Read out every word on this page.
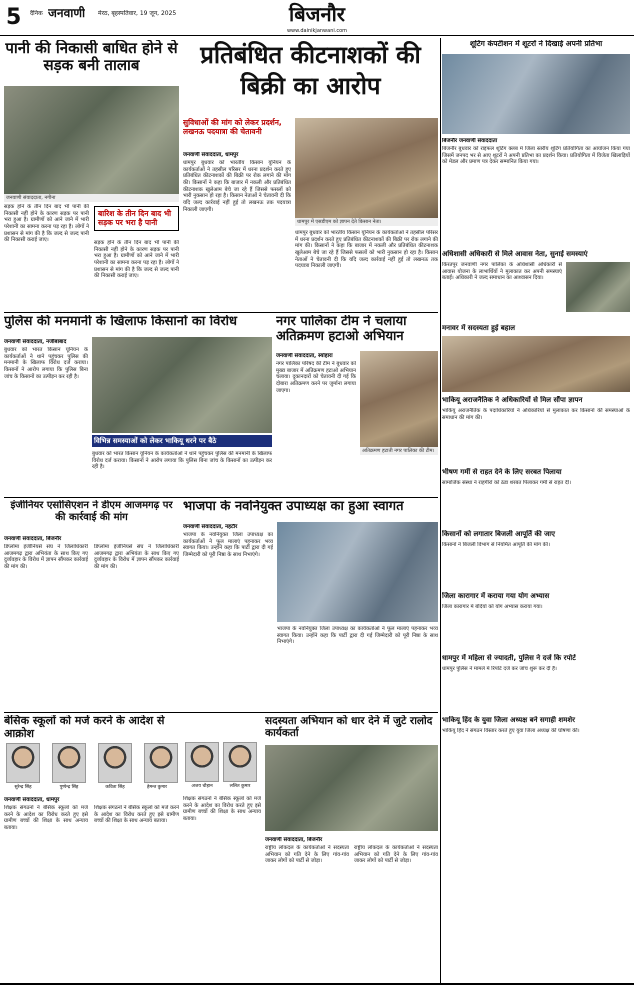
5 दैनिक जनवाणी मेरठ, बृहस्पतिवार, 19 जून, 2025	बिजनौर
www.dainikjanwani.com
पानी की निकासी बाधित होने से सड़क बनी तालाब
जनवाणी संवाददाता, नगीना
सड़क होने के तीन दिन बाद भी पानी की निकासी नहीं होने के कारण सड़क पर पानी भरा हुआ है। ग्रामीणों को आने जाने में भारी परेशानी का सामना करना पड़ रहा है। लोगों ने प्रशासन से मांग की है कि जल्द से जल्द पानी की निकासी कराई जाए।
बारिश के तीन दिन बाद भी सड़क पर भरा है पानी
सड़क होने के तीन दिन बाद भी पानी की निकासी नहीं होने के कारण सड़क पर पानी भरा हुआ है। ग्रामीणों को आने जाने में भारी परेशानी का सामना करना पड़ रहा है। लोगों ने प्रशासन से मांग की है कि जल्द से जल्द पानी की निकासी कराई जाए।
प्रतिबंधित कीटनाशकों की बिक्री का आरोप
सुविधाओं की मांग को लेकर प्रदर्शन, लखनऊ पदयात्रा की चेतावनी
जनवाणी संवाददाता, धामपुर
धामपुर बुधवार को भारतीय किसान यूनियन के कार्यकर्ताओं ने तहसील परिसर में धरना प्रदर्शन करते हुए प्रतिबंधित कीटनाशकों की बिक्री पर रोक लगाने की मांग की। किसानों ने कहा कि बाजार में नकली और प्रतिबंधित कीटनाशक खुलेआम बेचे जा रहे हैं जिससे फसलों को भारी नुकसान हो रहा है। किसान नेताओं ने चेतावनी दी कि यदि जल्द कार्रवाई नहीं हुई तो लखनऊ तक पदयात्रा निकाली जाएगी।
धामपुर में एसडीएम को ज्ञापन देते किसान नेता।
धामपुर बुधवार को भारतीय किसान यूनियन के कार्यकर्ताओं ने तहसील परिसर में धरना प्रदर्शन करते हुए प्रतिबंधित कीटनाशकों की बिक्री पर रोक लगाने की मांग की। किसानों ने कहा कि बाजार में नकली और प्रतिबंधित कीटनाशक खुलेआम बेचे जा रहे हैं जिससे फसलों को भारी नुकसान हो रहा है। किसान नेताओं ने चेतावनी दी कि यदि जल्द कार्रवाई नहीं हुई तो लखनऊ तक पदयात्रा निकाली जाएगी।
शूटिंग कंपटीशन में शूटरों ने दिखाई अपनी प्रतिभा
बिजनौर जनवाणी संवाददाता
बिजनौर बुधवार को राइफल शूटिंग क्लब में जिला स्तरीय शूटिंग प्रतियोगिता का आयोजन किया गया जिसमें जनपद भर से आए शूटरों ने अपनी प्रतिभा का प्रदर्शन किया। प्रतियोगिता में विजेता खिलाड़ियों को मेडल और प्रमाण पत्र देकर सम्मानित किया गया।
अधिशासी अधिकारी से मिले आवास नेता, सुनाई समस्याएं
किरतपुर जनवाणी नगर पालिका के अधिशासी अधिकारी से आवास योजना के लाभार्थियों ने मुलाकात कर अपनी समस्याएं बताईं। अधिकारी ने जल्द समाधान का आश्वासन दिया।
मनावर में सदस्यता हुई बहाल
पुलिस की मनमानी के खिलाफ किसानों का विरोध
जनवाणी संवाददाता, नजीबाबाद
बुधवार को भारत किसान यूनियन के कार्यकर्ताओं ने थाने पहुंचकर पुलिस की मनमानी के खिलाफ विरोध दर्ज कराया। किसानों ने आरोप लगाया कि पुलिस बिना जांच के किसानों का उत्पीड़न कर रही है।
विभिन्न समस्याओं को लेकर भाकियू धरने पर बैठे
बुधवार को भारत किसान यूनियन के कार्यकर्ताओं ने थाने पहुंचकर पुलिस की मनमानी के खिलाफ विरोध दर्ज कराया। किसानों ने आरोप लगाया कि पुलिस बिना जांच के किसानों का उत्पीड़न कर रही है।
नगर पालिका टीम ने चलाया अतिक्रमण हटाओ अभियान
जनवाणी संवाददाता, स्योहारा
नगर पालिका परिषद की टीम ने बुधवार को मुख्य बाजार में अतिक्रमण हटाओ अभियान चलाया। दुकानदारों को चेतावनी दी गई कि दोबारा अतिक्रमण करने पर जुर्माना लगाया जाएगा।
अतिक्रमण हटाती नगर पालिका की टीम।
भाकियू अराजनैतिक ने अधिकारियों से मिल सौंपा ज्ञापन
भाकियू अराजनैतिक के पदाधिकारियों ने अधिकारियों से मुलाकात कर किसानों की समस्याओं के समाधान की मांग की।
भीषण गर्मी से राहत देने के लिए सरबत पिलाया
सामाजिक संस्था ने राहगीरों को ठंडा शरबत पिलाकर गर्मी से राहत दी।
किसानों को लगातार बिजली आपूर्ति की जाए
किसानों ने बिजली विभाग से नियमित आपूर्ति की मांग की।
जिला कारागार में कराया गया योग अभ्यास
जिला कारागार में बंदियों को योग अभ्यास कराया गया।
धामपुर में महिला से ज्यादती, पुलिस ने दर्ज कि रपोर्ट
धामपुर पुलिस ने मामले में रिपोर्ट दर्ज कर जांच शुरू कर दी है।
इंजीनियर एसोसिएशन ने डीएम आजमगढ़ पर की कार्रवाई की मांग
जनवाणी संवाददाता, बिजनौर
डिप्लोमा इंजीनियर्स संघ ने जिलाधिकारी आजमगढ़ द्वारा अभियंता के साथ किए गए दुर्व्यवहार के विरोध में ज्ञापन सौंपकर कार्रवाई की मांग की।
डिप्लोमा इंजीनियर्स संघ ने जिलाधिकारी आजमगढ़ द्वारा अभियंता के साथ किए गए दुर्व्यवहार के विरोध में ज्ञापन सौंपकर कार्रवाई की मांग की।
भाजपा के नवनियुक्त उपाध्यक्ष का हुआ स्वागत
जनवाणी संवाददाता, नहटौर
भाजपा के नवनियुक्त जिला उपाध्यक्ष का कार्यकर्ताओं ने फूल मालाएं पहनाकर भव्य स्वागत किया। उन्होंने कहा कि पार्टी द्वारा दी गई जिम्मेदारी को पूरी निष्ठा के साथ निभाएंगे।
भाजपा के नवनियुक्त जिला उपाध्यक्ष का कार्यकर्ताओं ने फूल मालाएं पहनाकर भव्य स्वागत किया। उन्होंने कहा कि पार्टी द्वारा दी गई जिम्मेदारी को पूरी निष्ठा के साथ निभाएंगे।
भाकियू हिंद के युवा जिला अध्यक्ष बने सगाही शमशेर
भाकियू हिंद ने संगठन विस्तार करते हुए युवा जिला अध्यक्ष की घोषणा की।
बेसिक स्कूलों को मर्ज करने के आदेश से आक्रोश
सुरेन्द्र सिंह	पुष्पेन्द्र सिंह	कविता सिंह	हेमन्त कुमार
जनवाणी संवाददाता, धामपुर
शिक्षक संगठनों ने बेसिक स्कूलों को मर्ज करने के आदेश का विरोध करते हुए इसे ग्रामीण बच्चों की शिक्षा के साथ अन्याय बताया।
शिक्षक संगठनों ने बेसिक स्कूलों को मर्ज करने के आदेश का विरोध करते हुए इसे ग्रामीण बच्चों की शिक्षा के साथ अन्याय बताया।
अजय चौहान	ललित कुमार
शिक्षक संगठनों ने बेसिक स्कूलों को मर्ज करने के आदेश का विरोध करते हुए इसे ग्रामीण बच्चों की शिक्षा के साथ अन्याय बताया।
सदस्यता अभियान को धार देने में जुटे रालोद कार्यकर्ता
जनवाणी संवाददाता, बिजनौर
राष्ट्रीय लोकदल के कार्यकर्ताओं ने सदस्यता अभियान को गति देने के लिए गांव-गांव जाकर लोगों को पार्टी से जोड़ा।
राष्ट्रीय लोकदल के कार्यकर्ताओं ने सदस्यता अभियान को गति देने के लिए गांव-गांव जाकर लोगों को पार्टी से जोड़ा।
